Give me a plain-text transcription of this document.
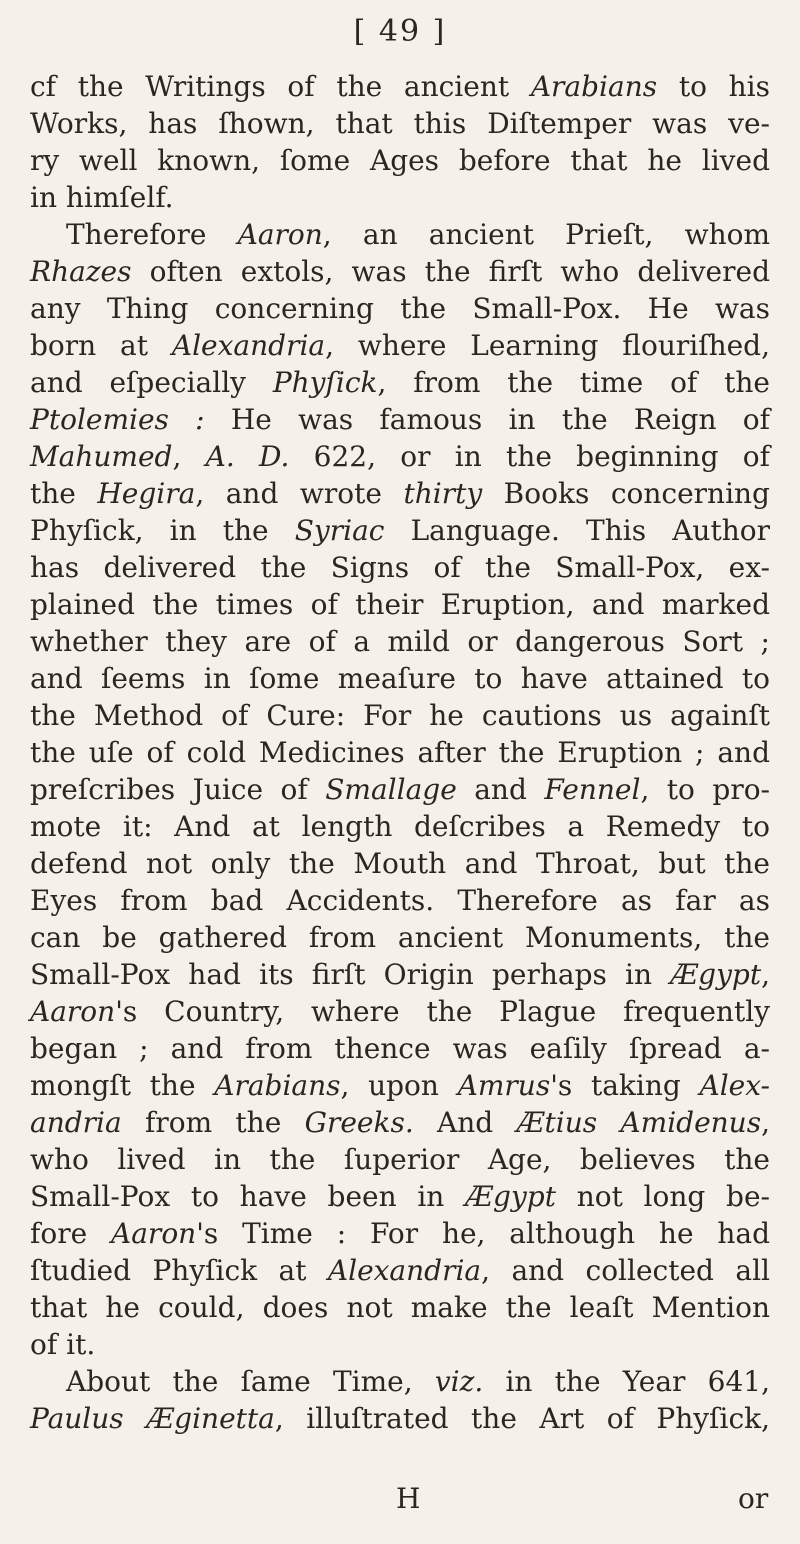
[ 49 ]
cf the Writings of the ancient Arabians to his
Works, has ſhown, that this Diſtemper was ve-
ry well known, ſome Ages before that he lived
in himſelf.
Therefore Aaron, an ancient Prieſt, whom
Rhazes often extols, was the firſt who delivered
any Thing concerning the Small-Pox. He was
born at Alexandria, where Learning flouriſhed,
and eſpecially Phyſick, from the time of the
Ptolemies : He was famous in the Reign of
Mahumed, A. D. 622, or in the beginning of
the Hegira, and wrote thirty Books concerning
Phyſick, in the Syriac Language. This Author
has delivered the Signs of the Small-Pox, ex-
plained the times of their Eruption, and marked
whether they are of a mild or dangerous Sort ;
and ſeems in ſome meaſure to have attained to
the Method of Cure: For he cautions us againſt
the uſe of cold Medicines after the Eruption ; and
preſcribes Juice of Smallage and Fennel, to pro-
mote it: And at length deſcribes a Remedy to
defend not only the Mouth and Throat, but the
Eyes from bad Accidents. Therefore as far as
can be gathered from ancient Monuments, the
Small-Pox had its firſt Origin perhaps in Ægypt,
Aaron's Country, where the Plague frequently
began ; and from thence was eaſily ſpread a-
mongſt the Arabians, upon Amrus's taking Alex-
andria from the Greeks. And Ætius Amidenus,
who lived in the ſuperior Age, believes the
Small-Pox to have been in Ægypt not long be-
fore Aaron's Time : For he, although he had
ſtudied Phyſick at Alexandria, and collected all
that he could, does not make the leaſt Mention
of it.
About the ſame Time, viz. in the Year 641,
Paulus Æginetta, illuſtrated the Art of Phyſick,
H	or
